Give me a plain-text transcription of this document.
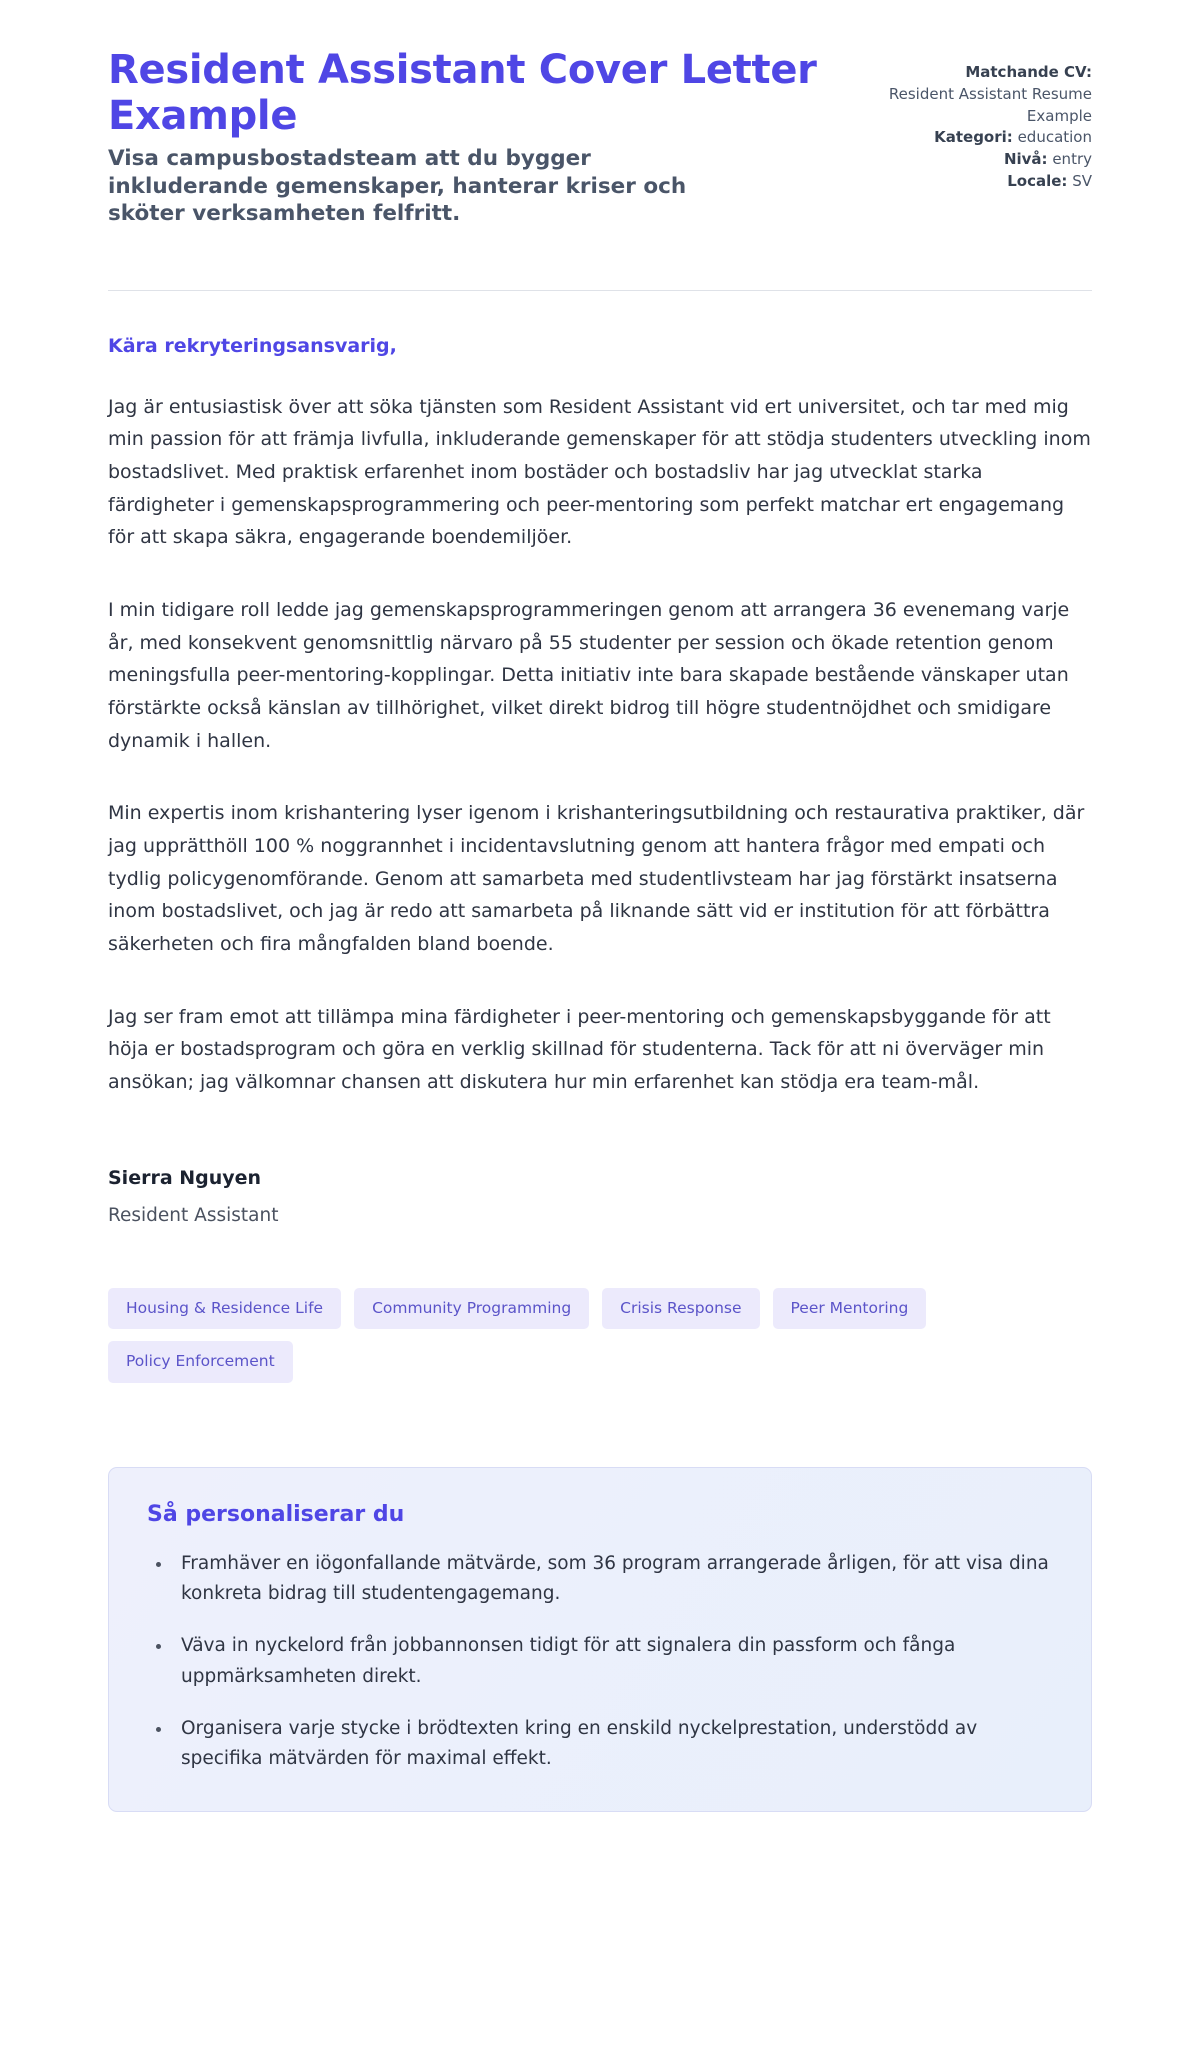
Resident Assistant Cover Letter Example

Visa campusbostadsteam att du bygger inkluderande gemenskaper, hanterar kriser och sköter verksamheten felfritt.

Matchande CV:
Resident Assistant Resume Example

Kategori: education

Nivå: entry

Locale: SV

Kära rekryteringsansvarig,

Jag är entusiastisk över att söka tjänsten som Resident Assistant vid ert universitet, och tar med mig min passion för att främja livfulla, inkluderande gemenskaper för att stödja studenters utveckling inom bostadslivet. Med praktisk erfarenhet inom bostäder och bostadsliv har jag utvecklat starka färdigheter i gemenskapsprogrammering och peer-mentoring som perfekt matchar ert engagemang för att skapa säkra, engagerande boendemiljöer.

I min tidigare roll ledde jag gemenskapsprogrammeringen genom att arrangera 36 evenemang varje år, med konsekvent genomsnittlig närvaro på 55 studenter per session och ökade retention genom meningsfulla peer-mentoring-kopplingar. Detta initiativ inte bara skapade bestående vänskaper utan förstärkte också känslan av tillhörighet, vilket direkt bidrog till högre studentnöjdhet och smidigare dynamik i hallen.

Min expertis inom krishantering lyser igenom i krishanteringsutbildning och restaurativa praktiker, där jag upprätthöll 100 % noggrannhet i incidentavslutning genom att hantera frågor med empati och tydlig policygenomförande. Genom att samarbeta med studentlivsteam har jag förstärkt insatserna inom bostadslivet, och jag är redo att samarbeta på liknande sätt vid er institution för att förbättra säkerheten och fira mångfalden bland boende.

Jag ser fram emot att tillämpa mina färdigheter i peer-mentoring och gemenskapsbyggande för att höja er bostadsprogram och göra en verklig skillnad för studenterna. Tack för att ni överväger min ansökan; jag välkomnar chansen att diskutera hur min erfarenhet kan stödja era team-mål.

Sierra Nguyen

Resident Assistant

Housing & Residence Life	Community Programming	Crisis Response	Peer Mentoring
Policy Enforcement
Så personaliserar du
• Framhäver en iögonfallande mätvärde, som 36 program arrangerade årligen, för att visa dina konkreta bidrag till studentengagemang.
• Väva in nyckelord från jobbannonsen tidigt för att signalera din passform och fånga uppmärksamheten direkt.
• Organisera varje stycke i brödtexten kring en enskild nyckelprestation, understödd av specifika mätvärden för maximal effekt.
